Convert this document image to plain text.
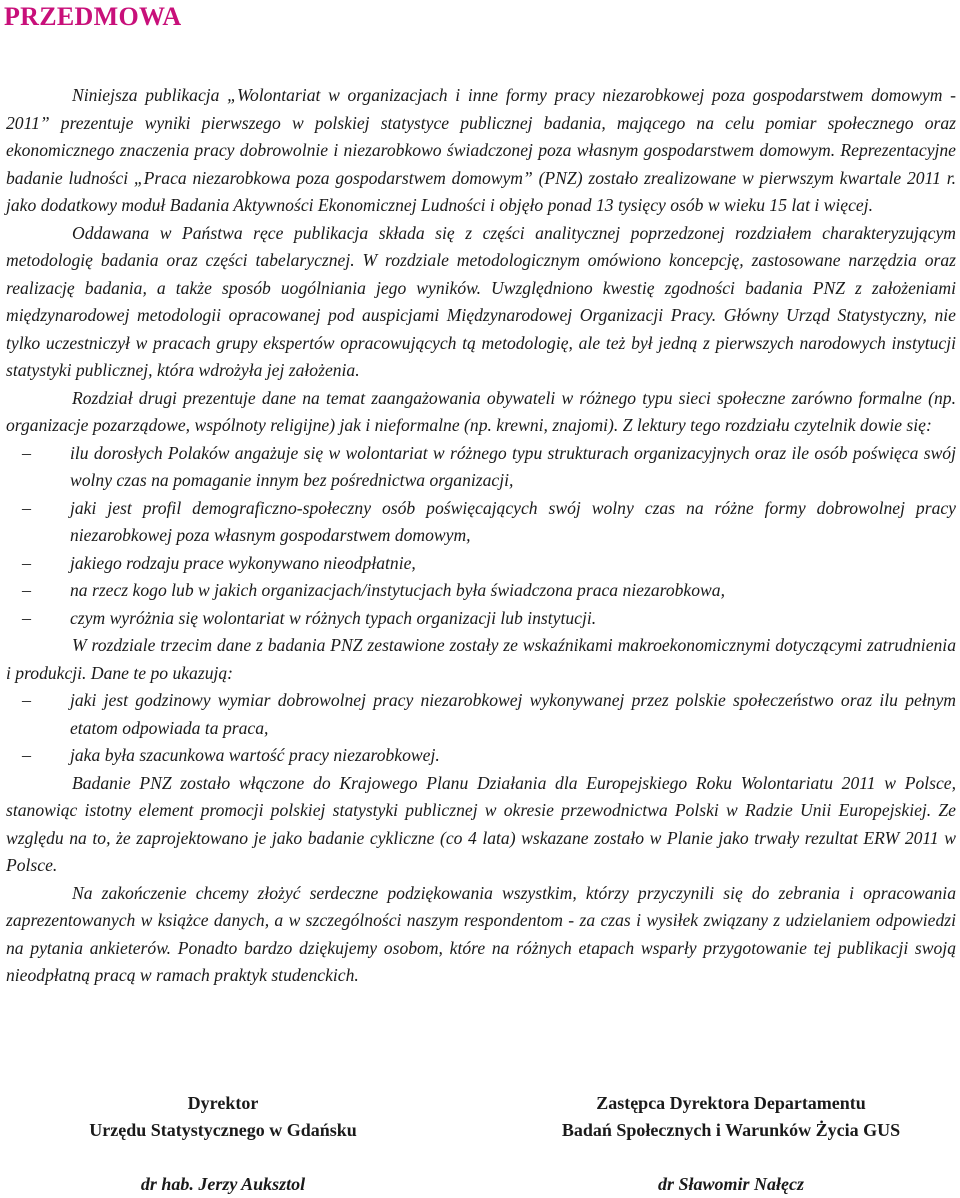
PRZEDMOWA

Niniejsza publikacja „Wolontariat w organizacjach i inne formy pracy niezarobkowej poza gospodarstwem domowym - 2011” prezentuje wyniki pierwszego w polskiej statystyce publicznej badania, mającego na celu pomiar społecznego oraz ekonomicznego znaczenia pracy dobrowolnie i niezarobkowo świadczonej poza własnym gospodarstwem domowym. Reprezentacyjne badanie ludności „Praca niezarobkowa poza gospodarstwem domowym” (PNZ) zostało zrealizowane w pierwszym kwartale 2011 r. jako dodatkowy moduł Badania Aktywności Ekonomicznej Ludności i objęło ponad 13 tysięcy osób w wieku 15 lat i więcej.

Oddawana w Państwa ręce publikacja składa się z części analitycznej poprzedzonej rozdziałem charakteryzującym metodologię badania oraz części tabelarycznej. W rozdziale metodologicznym omówiono koncepcję, zastosowane narzędzia oraz realizację badania, a także sposób uogólniania jego wyników. Uwzględniono kwestię zgodności badania PNZ z założeniami międzynarodowej metodologii opracowanej pod auspicjami Międzynarodowej Organizacji Pracy. Główny Urząd Statystyczny, nie tylko uczestniczył w pracach grupy ekspertów opracowujących tą metodologię, ale też był jedną z pierwszych narodowych instytucji statystyki publicznej, która wdrożyła jej założenia.

Rozdział drugi prezentuje dane na temat zaangażowania obywateli w różnego typu sieci społeczne zarówno formalne (np. organizacje pozarządowe, wspólnoty religijne) jak i nieformalne (np. krewni, znajomi). Z lektury tego rozdziału czytelnik dowie się:

– ilu dorosłych Polaków angażuje się w wolontariat w różnego typu strukturach organizacyjnych oraz ile osób poświęca swój wolny czas na pomaganie innym bez pośrednictwa organizacji,
– jaki jest profil demograficzno-społeczny osób poświęcających swój wolny czas na różne formy dobrowolnej pracy niezarobkowej poza własnym gospodarstwem domowym,
– jakiego rodzaju prace wykonywano nieodpłatnie,
– na rzecz kogo lub w jakich organizacjach/instytucjach była świadczona praca niezarobkowa,
– czym wyróżnia się wolontariat w różnych typach organizacji lub instytucji.

W rozdziale trzecim dane z badania PNZ zestawione zostały ze wskaźnikami makroekonomicznymi dotyczącymi zatrudnienia i produkcji. Dane te po ukazują:

– jaki jest godzinowy wymiar dobrowolnej pracy niezarobkowej wykonywanej przez polskie społeczeństwo oraz ilu pełnym etatom odpowiada ta praca,
– jaka była szacunkowa wartość pracy niezarobkowej.

Badanie PNZ zostało włączone do Krajowego Planu Działania dla Europejskiego Roku Wolontariatu 2011 w Polsce, stanowiąc istotny element promocji polskiej statystyki publicznej w okresie przewodnictwa Polski w Radzie Unii Europejskiej. Ze względu na to, że zaprojektowano je jako badanie cykliczne (co 4 lata) wskazane zostało w Planie jako trwały rezultat ERW 2011 w Polsce.

Na zakończenie chcemy złożyć serdeczne podziękowania wszystkim, którzy przyczynili się do zebrania i opracowania zaprezentowanych w książce danych, a w szczególności naszym respondentom - za czas i wysiłek związany z udzielaniem odpowiedzi na pytania ankieterów. Ponadto bardzo dziękujemy osobom, które na różnych etapach wsparły przygotowanie tej publikacji swoją nieodpłatną pracą w ramach praktyk studenckich.

Dyrektor
Urzędu Statystycznego w Gdańsku
dr hab. Jerzy Auksztol
Zastępca Dyrektora Departamentu
Badań Społecznych i Warunków Życia GUS
dr Sławomir Nałęcz
